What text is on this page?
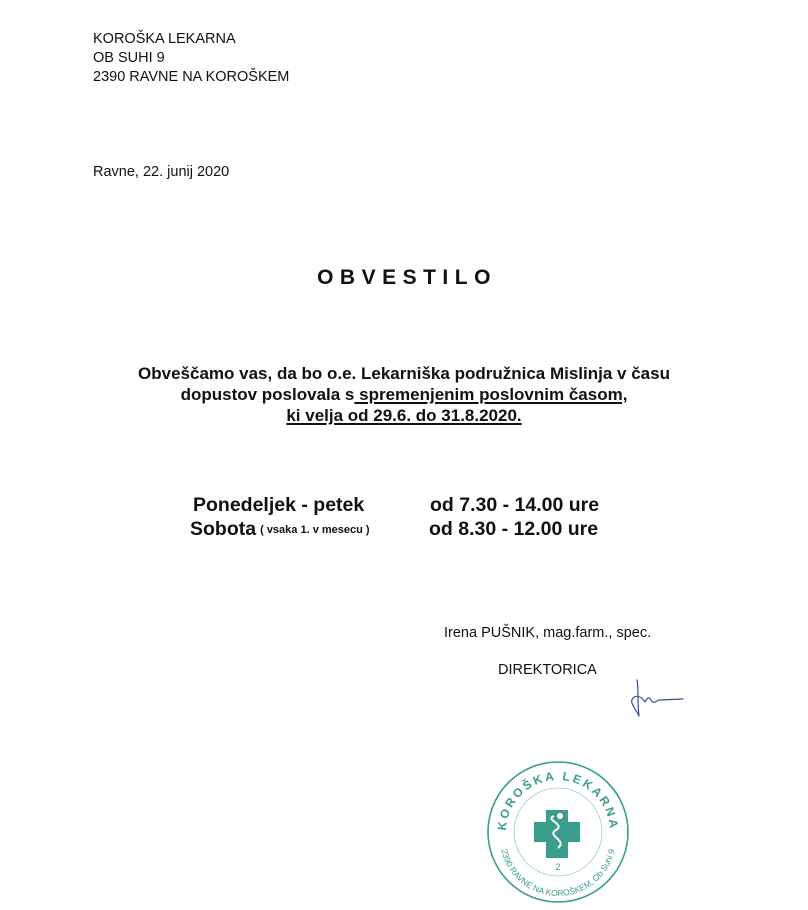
KOROŠKA LEKARNA
OB SUHI 9
2390 RAVNE NA KOROŠKEM
Ravne, 22. junij 2020
OBVESTILO
Obveščamo vas, da bo o.e. Lekarniška podružnica Mislinja v času
dopustov poslovala s spremenjenim poslovnim časom,
ki velja od 29.6. do 31.8.2020.
Ponedeljek - petek	od 7.30 - 14.00 ure
Sobota ( vsaka 1. v mesecu )	od 8.30 - 12.00 ure
Irena PUŠNIK, mag.farm., spec.
DIREKTORICA
KOROŠKA LEKARNA
2390 RAVNE NA KOROŠKEM, Ob Suhi 9
2
